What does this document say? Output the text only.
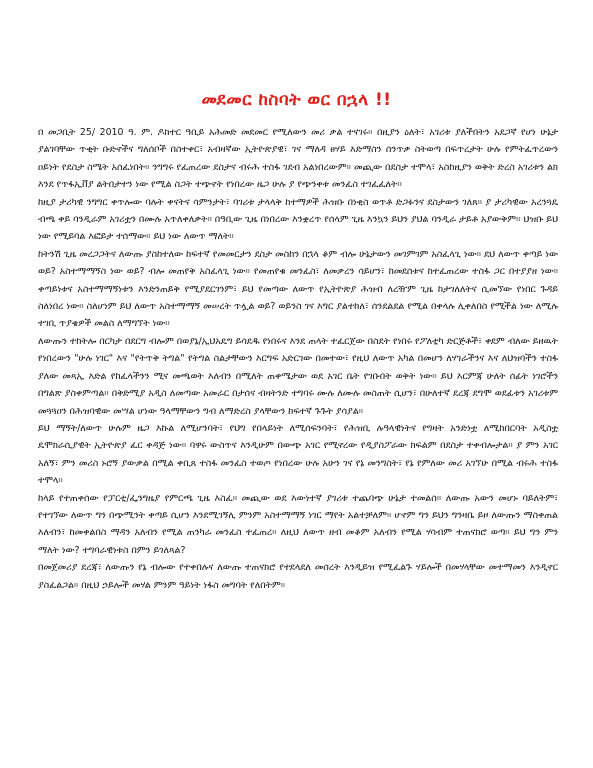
መደመር ከስባት ወር በኋላ !!

በ መጋቢት 25/ 2010 ዓ. ም. ዶክተር ዓቢይ አሕመድ መደመር የሚለውን መሪ ቃል ተናገሩ። በዚያን ዕለት፣ አገሪቱ ያለችበትን አደጋኛ የሆነ ሁኔታ ያልገባቸው ጥቂት ቡድኖችና ግለሰቦች በስተቀር፣ አብዛኛው ኢትዮጵያዊ፣ ገና ማለዳ ፀሃይ እድማስን ሰንጥቃ ስትወጣ በፍጥረታት ሁሉ የምትፈጥረውን ዐይነት የደስታ ስሜት አሰፈነበት። ንግግሩ የፈጠረው ደስታና ብሩሕ ተስፋ ገደብ አልነበረውም። መጪው በደስታ ተሞላ፣ አስከዚያን ወቅት ድረስ አገሪቱን ልክ እንደ የጥፋኢቨያ ልትበታተን ነው የሚል ስጋት ተጭኖት የነበረው ዜጋ ሁሉ ያ የጭንቀቱ መንፈስ ተገፈፈለት።

ከዚያ ታሪካዊ ንግግር ቀጥሎው ባሉት ቀናትና ሳምንታት፣ ባገሪቱ ታላላቅ ከተማዎች ሕዝቡ በነቂስ ወጥቶ ድጋፉንና ደስታውን ገለጸ። ያ ታሪካዊው አረንጓዴ ብጫ ቀይ ባንዲራም አገሪቷን በሙሉ አጥለቀለቃት። በዓቢው ጊዜ በነበረው እንቋረጥ የሰላም ጊዜ እንኳን ይህን ያህል ባንዲራ ታይቶ አያውቅም። ህዝቡ ይህ ነው የሚይባል እፎይታ ተሰማው። ይህ ነው ለውጥ ማለት።

ከትንሽ ጊዜ መረጋጋትና ለውጡ ያስከተለው ከፍተኛ የመመርታን ደስታ መስከን በኋላ ቆም ብሎ ሁኔታውን መገምገም አስፈላጊ ነው። ደህ ለውጥ ቀጣይ ነው ወይ? አስተማማኝስ ነው ወይ? ብሎ መጠየቅ አስፈላጊ ነው። የመጠየቁ መንፈስ፣ ለመቃረን ሳይሆን፣ ከመደሰቱና ከተፈጠረው ተስፋ ጋር በተያያዘ ነው። ቀጣይነቱና አስተማማኝነቱን እንድንጠይቅ የሚያደርገንም፣ ይህ የመጣው ለውጥ የኢትዮጵያ ሕዝብ ለረዥም ጊዜ ከታገለለትና ሲመኘው የነበር ጉዳይ ስለነበረ ነው። ስለሆነም ይህ ለውጥ አስተማማኝ መሠረት ጥሏል ወይ? ወይንስ ገና እግር ያልተከለ፣ ሰንደልደል የሚል በቀላሉ ሊቀለበስ የሚችል ነው ለሚሉ ተገቢ ጥያቄዎች መልስ ለማግኘት ነው።

ለውጡን ተከትሎ በርካታ በደርግ ብሎም በወያኔ/ኢህአዴግ ይሳደዱ የነበሩና እንደ ጠላት ተፈርጀው በስደት የነበሩ የፖለቲካ ድርጅቶች፣ ቀደም ብለው ይዘዉት የነበረውን "ሁሉ ነገር" እና "የትጥቅ ትግል" የትግል ስልታቸውን እርግፍ አድርገው በመተው፣ የዚህ ለውጥ አካል በመሆን ለሃገራችንና እና ለህዝባችን ተስፋ ያለው መጻኢ እድል የከፈላችንን ሚና መጫወት እለብን በሚለት ጠቀሜታው ወደ አገር ቤት የገቡበት ወቅት ነው። ይህ እርምጃ ሁለት ሰፊት ነገሮችን በግልጽ ያስቀምጣል። በቅድሚያ አዲስ ለመጣው አመራር በታሰና ብዛትንድ ተግባሩ ሙሉ ለሙሉ መስጠት ሲሆን፣ በሁለተኛ ደረጃ ደግሞ ወደፊቱን አገሪቱም መጓጓዐን በሕዝባዊው መሣል ሆነው ዓላማቸውን ግብ ለማድረስ ያላቸውን ከፍተኛ ጉጉት ያሳያል።

ይህ ማኝት/ለውጥ ሁሉም ዜጋ እኩል ለሚሆንባት፣ የህግ የበላይነት ለሚሰፍንባት፣ የሕዝቢ ሉዓላዊነትና የግዛት አንድነቷ ለሚከበርባት አዲስቷ ዴሞክራሲያዊት ኢትዮጵያ ፈር ቀዳጅ ነው። ባዋሩ ውስጥና እንዲሁም በውጭ አገር የሚኖረው የዲያስፖራው ክፍልም በደስታ ተቀብሎታል። ያ ምን አገር አለኝ፣ ምን መሪስ ኑሮኝ ያውቃል በሚል ቀቢጸ ተስፋ መንፈስ ተወጦ የነበረው ሁሉ አሁን ገና የኔ መንግስት፣ የኔ የምለው መሪ አገኘሁ በሚል ብሩሕ ተስፋ ተሞላ።

ከላይ የተጠቀሰው የፓርቲ/ፌንግዜያ የምርጫ ጊዜ እስፈ። መጪው ወደ እውነተኛ ያገሪቱ ተጨባጭ ሁኔታ ተመልሰ። ለውጡ አውን መሆኑ ባይለትም፣ የተገኘው ለውጥ ግን በጭሚንት ቀጣይ ሲሆን እንደሚገኝሊ ምንም አስተማማኝ ነገር ማየት አልተቻለም። ሆኖም ግን ይህን ግንዛቤ ይዞ ለውጡን ማስቀጠል እለብን፣ ከመቀልበስ ማዳን አለብን የሚል ጠንካራ መንፈስ ተፈጠረ። ለዚህ ለውጥ ዘብ መቆም አለብን የሚል ሃሳብም ተጠናክሮ ወጣ። ይህ ግን ምን ማለት ነው? ተግባራዊነቱስ በምን ይገለጻል?

በመጀመሪያ ደረጃ፣ ለውጡን የኔ ብሎው የተቀበሉና ለውጡ ተጠናክሮ የተደላደለ መሰረት እንዲይዝ የሚፈልጉ ሃይሎች በመሃላቸው መተማመን እንዲኖር ያስፈልጋል። በዚህ ኃይሎች መሃል ምንም ዓይነት ነፋስ መግባት የለበትም።
